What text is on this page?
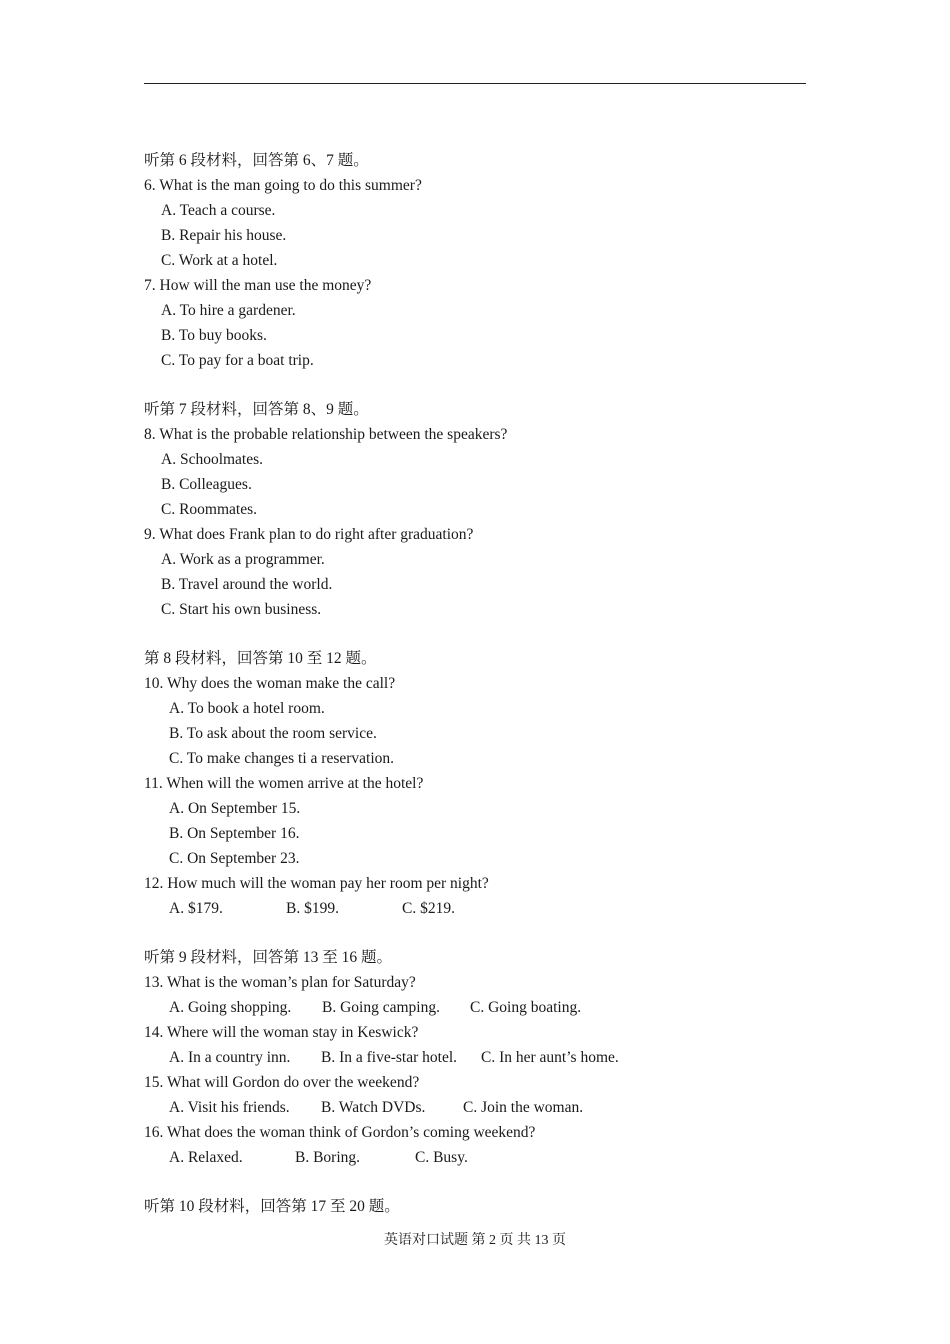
听第 6 段材料，回答第 6、7 题。
6. What is the man going to do this summer?
A. Teach a course.
B. Repair his house.
C. Work at a hotel.
7. How will the man use the money?
A. To hire a gardener.
B. To buy books.
C. To pay for a boat trip.
听第 7 段材料，回答第 8、9 题。
8. What is the probable relationship between the speakers?
A. Schoolmates.
B. Colleagues.
C. Roommates.
9. What does Frank plan to do right after graduation?
A. Work as a programmer.
B. Travel around the world.
C. Start his own business.
第 8 段材料，回答第 10 至 12 题。
10. Why does the woman make the call?
A. To book a hotel room.
B. To ask about the room service.
C. To make changes ti a reservation.
11. When will the women arrive at the hotel?
A. On September 15.
B. On September 16.
C. On September 23.
12. How much will the woman pay her room per night?
A. $179.	B. $199.	C. $219.
听第 9 段材料，回答第 13 至 16 题。
13. What is the woman’s plan for Saturday?
A. Going shopping. B. Going camping. C. Going boating.
14. Where will the woman stay in Keswick?
A. In a country inn. B. In a five-star hotel. C. In her aunt’s home.
15. What will Gordon do over the weekend?
A. Visit his friends. B. Watch DVDs. C. Join the woman.
16. What does the woman think of Gordon’s coming weekend?
A. Relaxed.	B. Boring.	C. Busy.
听第 10 段材料，回答第 17 至 20 题。
英语对口试题 第 2 页 共 13 页
